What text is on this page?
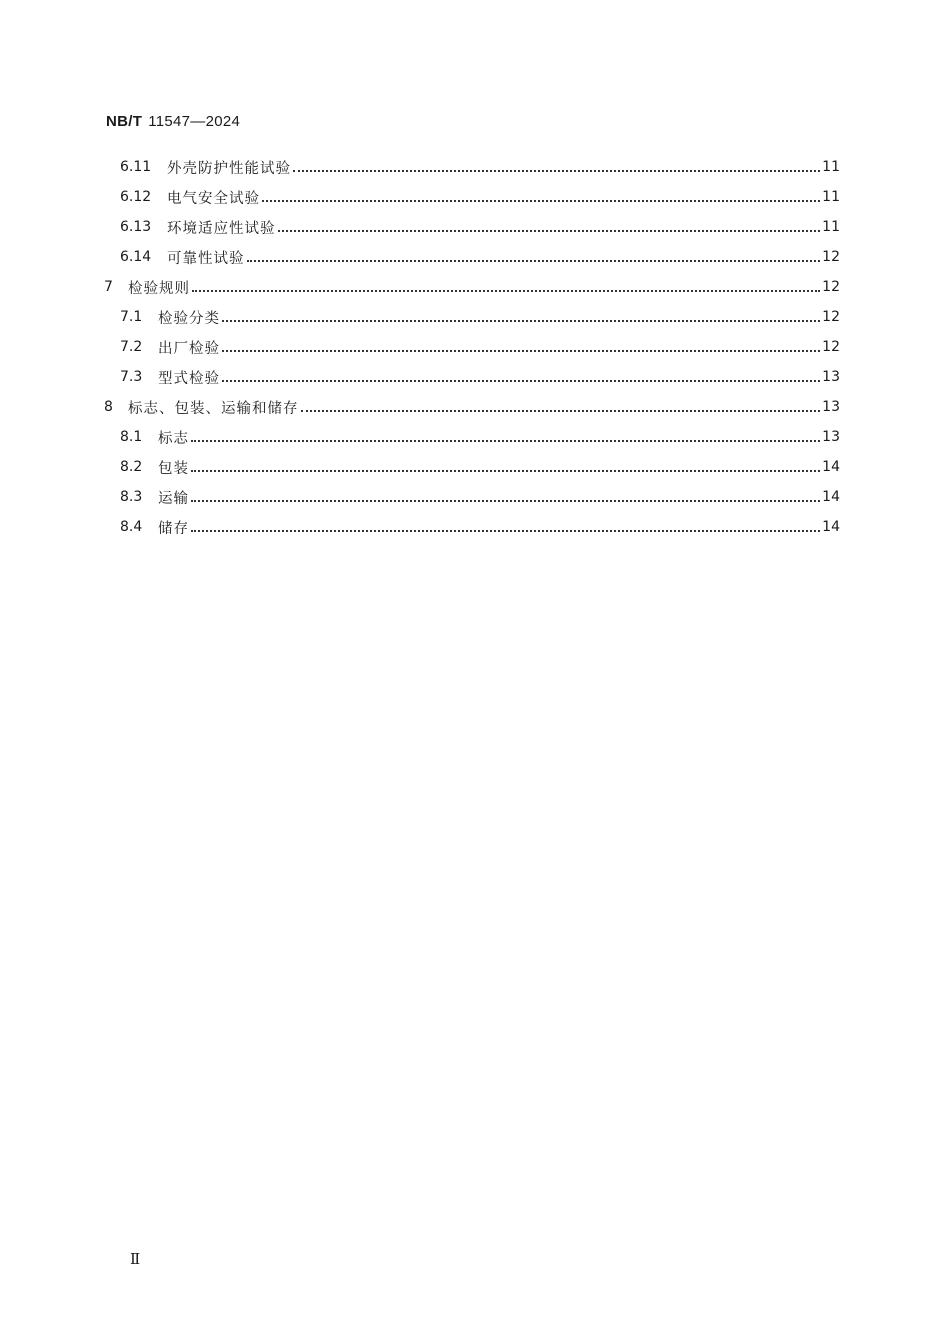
NB/T 11547—2024
6.11	外壳防护性能试验	11
6.12	电气安全试验	11
6.13	环境适应性试验	11
6.14	可靠性试验	12
7	检验规则	12
7.1	检验分类	12
7.2	出厂检验	12
7.3	型式检验	13
8	标志、包装、运输和储存	13
8.1	标志	13
8.2	包装	14
8.3	运输	14
8.4	储存	14
Ⅱ
